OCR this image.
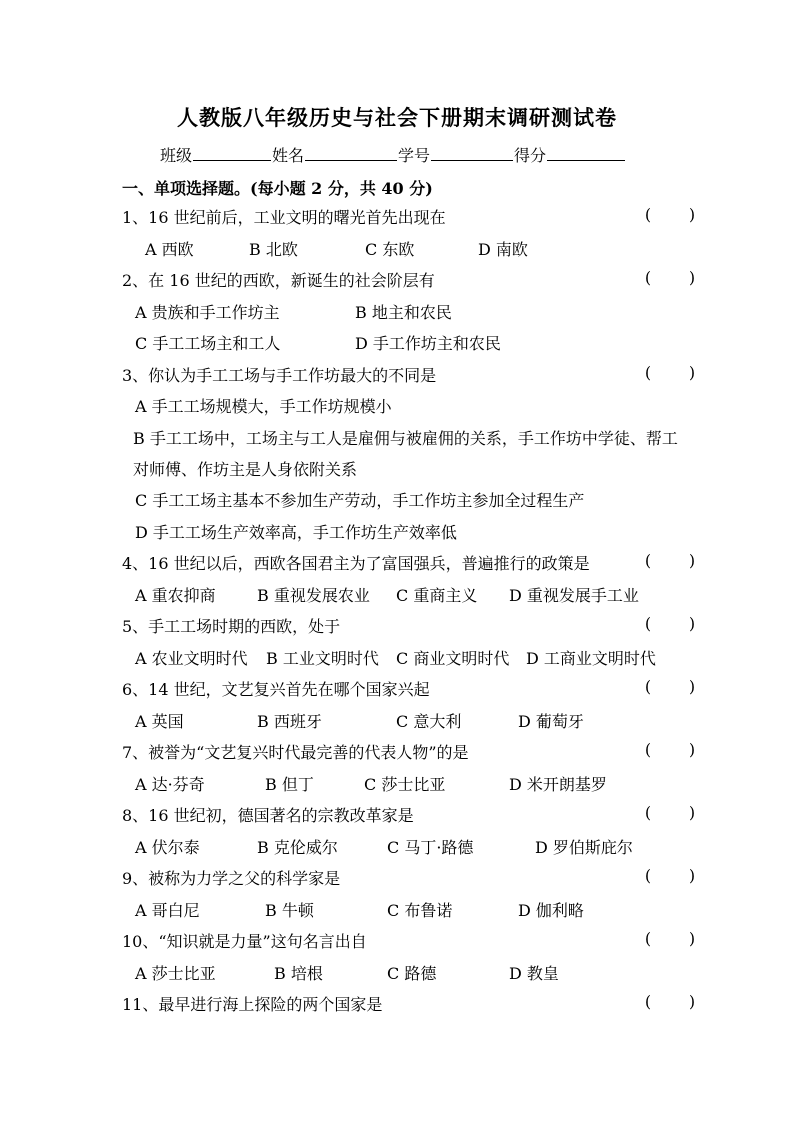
人教版八年级历史与社会下册期末调研测试卷
班级	姓名	学号	得分
一、单项选择题。(每小题 2 分，共 40 分)
1、16 世纪前后，工业文明的曙光首先出现在	( )
A 西欧	B 北欧	C 东欧	D 南欧
2、在 16 世纪的西欧，新诞生的社会阶层有	( )
A 贵族和手工作坊主	B 地主和农民
C 手工工场主和工人	D 手工作坊主和农民
3、你认为手工工场与手工作坊最大的不同是	( )
A 手工工场规模大，手工作坊规模小
B 手工工场中，工场主与工人是雇佣与被雇佣的关系，手工作坊中学徒、帮工
对师傅、作坊主是人身依附关系
C 手工工场主基本不参加生产劳动，手工作坊主参加全过程生产
D 手工工场生产效率高，手工作坊生产效率低
4、16 世纪以后，西欧各国君主为了富国强兵，普遍推行的政策是	( )
A 重农抑商	B 重视发展农业 C 重商主义 D 重视发展手工业
5、手工工场时期的西欧，处于	( )
A 农业文明时代 B 工业文明时代 C 商业文明时代 D 工商业文明时代
6、14 世纪，文艺复兴首先在哪个国家兴起	( )
A 英国	B 西班牙	C 意大利	D 葡萄牙
7、被誉为“文艺复兴时代最完善的代表人物”的是	( )
A 达·芬奇	B 但丁	C 莎士比亚	D 米开朗基罗
8、16 世纪初，德国著名的宗教改革家是	( )
A 伏尔泰	B 克伦威尔	C 马丁·路德	D 罗伯斯庇尔
9、被称为力学之父的科学家是	( )
A 哥白尼	B 牛顿	C 布鲁诺	D 伽利略
10、“知识就是力量”这句名言出自	( )
A 莎士比亚	B 培根	C 路德	D 教皇
11、最早进行海上探险的两个国家是	( )
